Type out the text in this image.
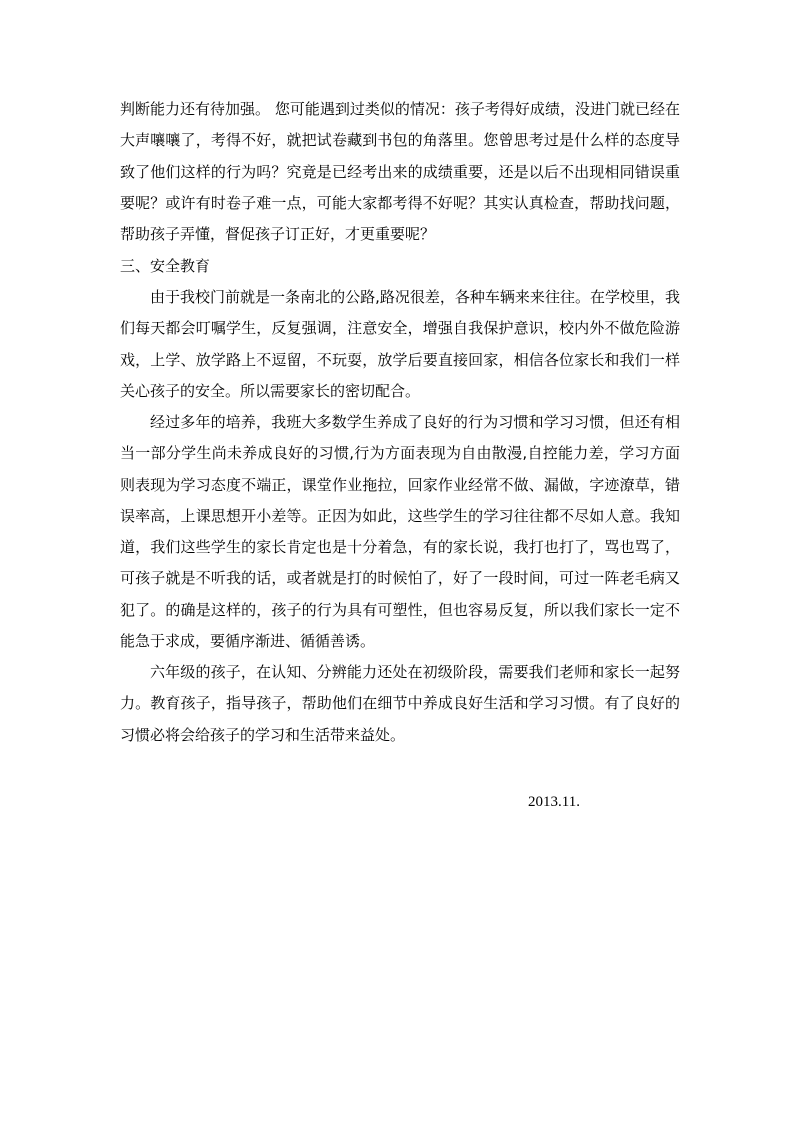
判断能力还有待加强。 您可能遇到过类似的情况：孩子考得好成绩，没进门就已经在大声嚷嚷了，考得不好，就把试卷藏到书包的角落里。您曾思考过是什么样的态度导致了他们这样的行为吗？究竟是已经考出来的成绩重要，还是以后不出现相同错误重要呢？或许有时卷子难一点，可能大家都考得不好呢？其实认真检查，帮助找问题，帮助孩子弄懂，督促孩子订正好，才更重要呢？
三、安全教育
由于我校门前就是一条南北的公路,路况很差，各种车辆来来往往。在学校里，我们每天都会叮嘱学生，反复强调，注意安全，增强自我保护意识，校内外不做危险游戏，上学、放学路上不逗留，不玩耍，放学后要直接回家，相信各位家长和我们一样关心孩子的安全。所以需要家长的密切配合。
经过多年的培养，我班大多数学生养成了良好的行为习惯和学习习惯，但还有相当一部分学生尚未养成良好的习惯,行为方面表现为自由散漫,自控能力差，学习方面则表现为学习态度不端正，课堂作业拖拉，回家作业经常不做、漏做，字迹潦草，错误率高，上课思想开小差等。正因为如此，这些学生的学习往往都不尽如人意。我知道，我们这些学生的家长肯定也是十分着急，有的家长说，我打也打了，骂也骂了，可孩子就是不听我的话，或者就是打的时候怕了，好了一段时间，可过一阵老毛病又犯了。的确是这样的，孩子的行为具有可塑性，但也容易反复，所以我们家长一定不能急于求成，要循序渐进、循循善诱。
六年级的孩子，在认知、分辨能力还处在初级阶段，需要我们老师和家长一起努力。教育孩子，指导孩子，帮助他们在细节中养成良好生活和学习习惯。有了良好的习惯必将会给孩子的学习和生活带来益处。
2013.11.
